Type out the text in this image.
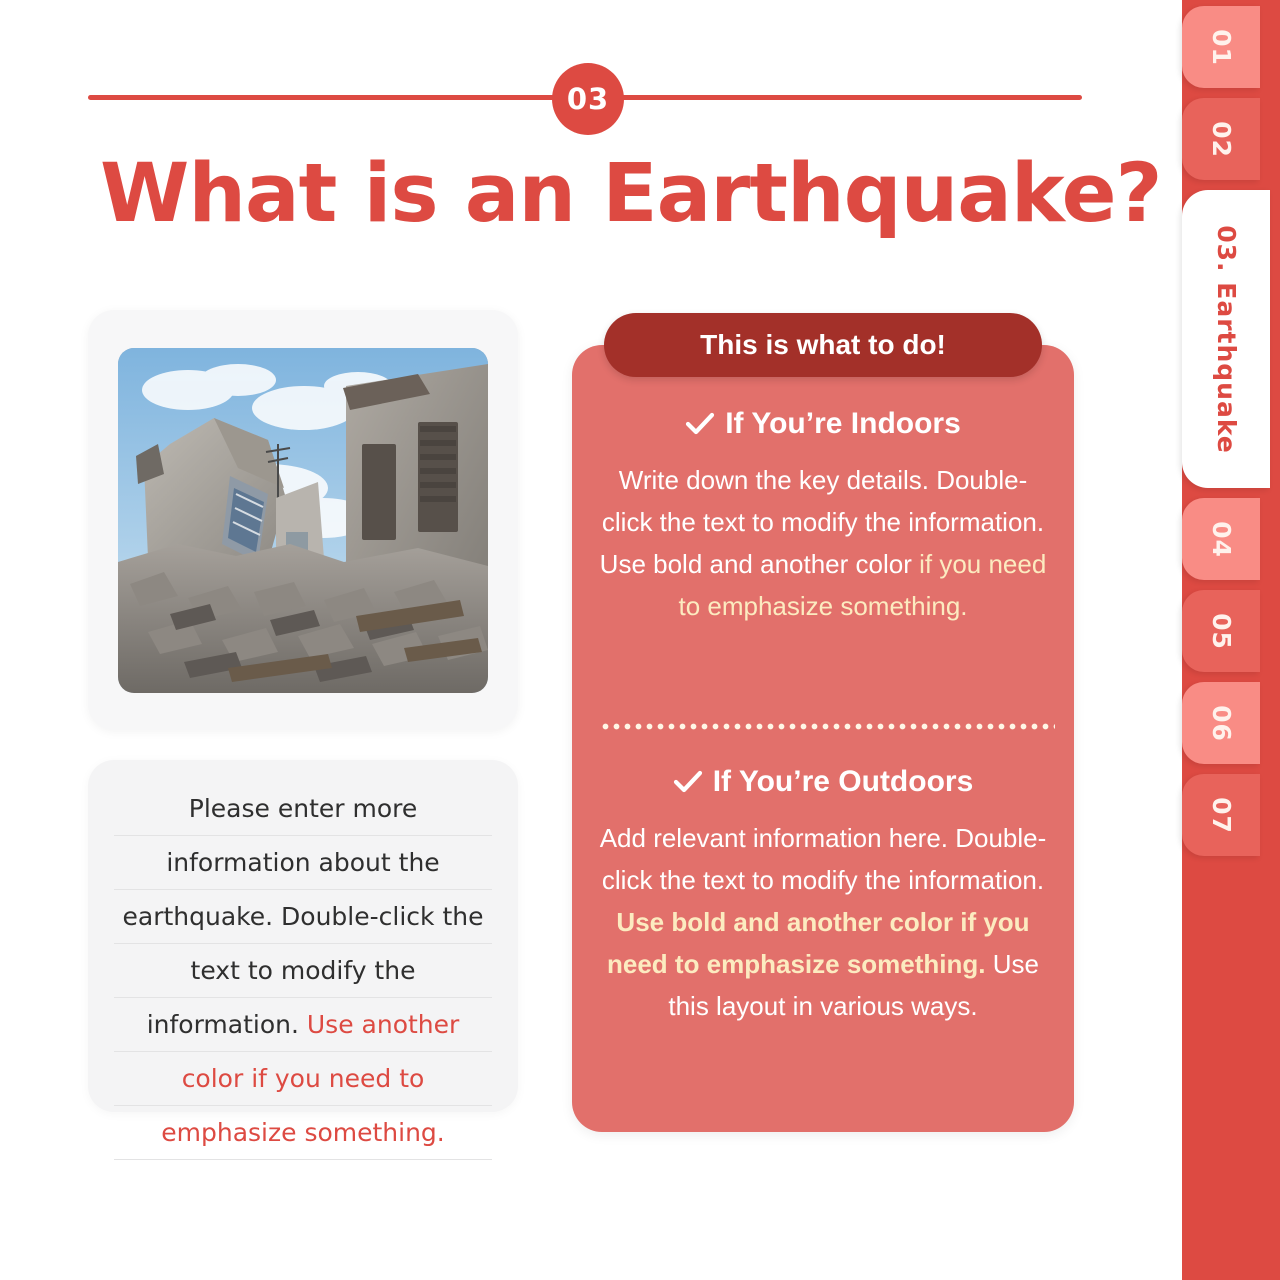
03
What is an Earthquake?
Please enter more information about the earthquake. Double-click the text to modify the information. Use another color if you need to emphasize something.
If You’re Indoors
Write down the key details. Double-click the text to modify the information. Use bold and another color if you need to emphasize something.
If You’re Outdoors
Add relevant information here. Double-click the text to modify the information. Use bold and another color if you need to emphasize something. Use this layout in various ways.
This is what to do!
01
02
03. Earthquake
04
05
06
07
